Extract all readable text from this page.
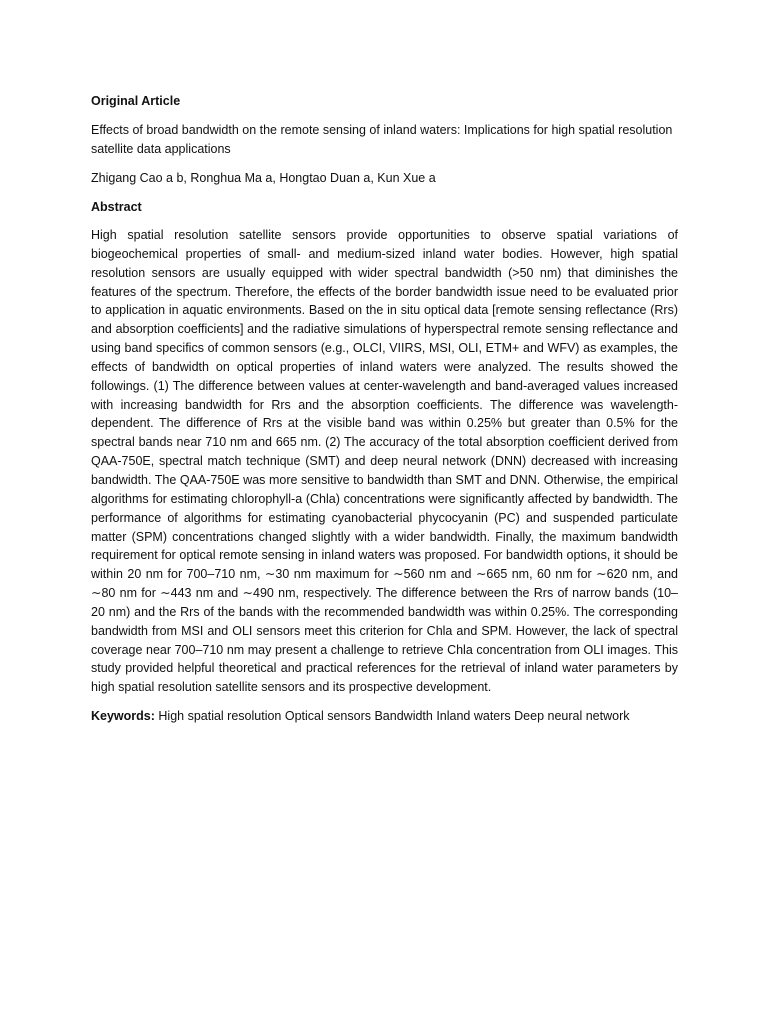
Original Article
Effects of broad bandwidth on the remote sensing of inland waters: Implications for high spatial resolution satellite data applications
Zhigang Cao a b, Ronghua Ma a, Hongtao Duan a, Kun Xue a
Abstract
High spatial resolution satellite sensors provide opportunities to observe spatial variations of biogeochemical properties of small- and medium-sized inland water bodies. However, high spatial resolution sensors are usually equipped with wider spectral bandwidth (>50 nm) that diminishes the features of the spectrum. Therefore, the effects of the border bandwidth issue need to be evaluated prior to application in aquatic environments. Based on the in situ optical data [remote sensing reflectance (Rrs) and absorption coefficients] and the radiative simulations of hyperspectral remote sensing reflectance and using band specifics of common sensors (e.g., OLCI, VIIRS, MSI, OLI, ETM+ and WFV) as examples, the effects of bandwidth on optical properties of inland waters were analyzed. The results showed the followings. (1) The difference between values at center-wavelength and band-averaged values increased with increasing bandwidth for Rrs and the absorption coefficients. The difference was wavelength-dependent. The difference of Rrs at the visible band was within 0.25% but greater than 0.5% for the spectral bands near 710 nm and 665 nm. (2) The accuracy of the total absorption coefficient derived from QAA-750E, spectral match technique (SMT) and deep neural network (DNN) decreased with increasing bandwidth. The QAA-750E was more sensitive to bandwidth than SMT and DNN. Otherwise, the empirical algorithms for estimating chlorophyll-a (Chla) concentrations were significantly affected by bandwidth. The performance of algorithms for estimating cyanobacterial phycocyanin (PC) and suspended particulate matter (SPM) concentrations changed slightly with a wider bandwidth. Finally, the maximum bandwidth requirement for optical remote sensing in inland waters was proposed. For bandwidth options, it should be within 20 nm for 700–710 nm, ∼30 nm maximum for ∼560 nm and ∼665 nm, 60 nm for ∼620 nm, and ∼80 nm for ∼443 nm and ∼490 nm, respectively. The difference between the Rrs of narrow bands (10–20 nm) and the Rrs of the bands with the recommended bandwidth was within 0.25%. The corresponding bandwidth from MSI and OLI sensors meet this criterion for Chla and SPM. However, the lack of spectral coverage near 700–710 nm may present a challenge to retrieve Chla concentration from OLI images. This study provided helpful theoretical and practical references for the retrieval of inland water parameters by high spatial resolution satellite sensors and its prospective development.
Keywords: High spatial resolution Optical sensors Bandwidth Inland waters Deep neural network
